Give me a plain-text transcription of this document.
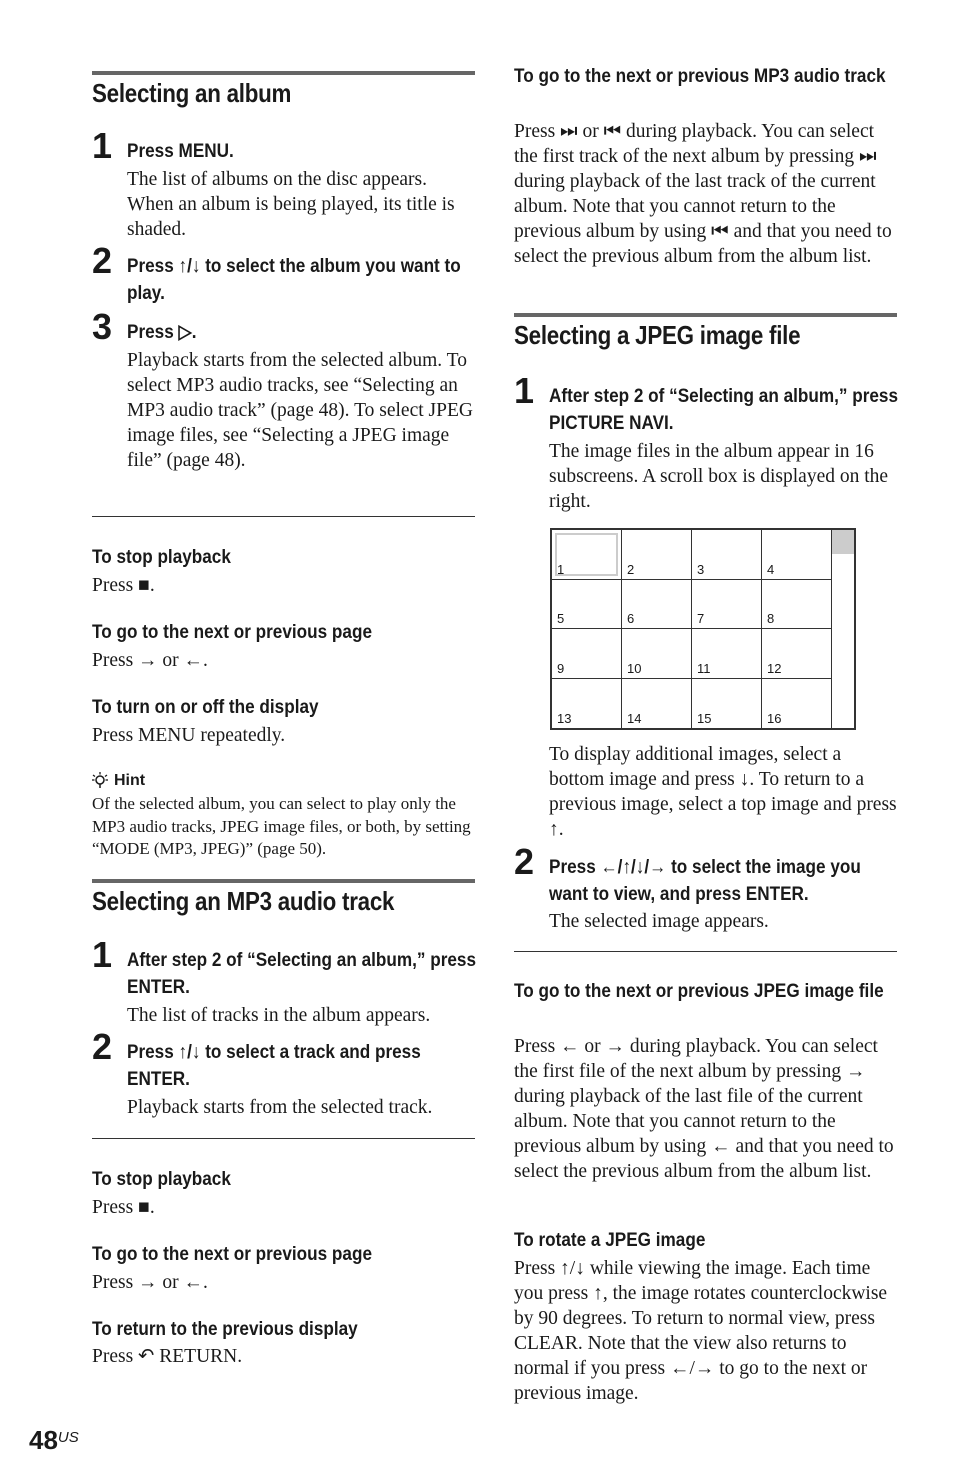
Selecting an album
1 Press MENU.
The list of albums on the disc appears. When an album is being played, its title is shaded.
2 Press ↑/↓ to select the album you want to play.
3 Press ▷.
Playback starts from the selected album. To select MP3 audio tracks, see “Selecting an MP3 audio track” (page 48). To select JPEG image files, see “Selecting a JPEG image file” (page 48).
To stop playback
Press ■.
To go to the next or previous page
Press → or ←.
To turn on or off the display
Press MENU repeatedly.
Hint
Of the selected album, you can select to play only the MP3 audio tracks, JPEG image files, or both, by setting “MODE (MP3, JPEG)” (page 50).
Selecting an MP3 audio track
1 After step 2 of “Selecting an album,” press ENTER.
The list of tracks in the album appears.
2 Press ↑/↓ to select a track and press ENTER.
Playback starts from the selected track.
To stop playback
Press ■.
To go to the next or previous page
Press → or ←.
To return to the previous display
Press ↶ RETURN.
To go to the next or previous MP3 audio track
Press ⏭ or ⏮ during playback. You can select the first track of the next album by pressing ⏭ during playback of the last track of the current album. Note that you cannot return to the previous album by using ⏮ and that you need to select the previous album from the album list.
Selecting a JPEG image file
1 After step 2 of “Selecting an album,” press PICTURE NAVI.
The image files in the album appear in 16 subscreens. A scroll box is displayed on the right.
1	2	3	4
5	6	7	8
9	10	11	12
13	14	15	16
To display additional images, select a bottom image and press ↓. To return to a previous image, select a top image and press ↑.
2 Press ←/↑/↓/→ to select the image you want to view, and press ENTER.
The selected image appears.
To go to the next or previous JPEG image file
Press ← or → during playback. You can select the first file of the next album by pressing → during playback of the last file of the current album. Note that you cannot return to the previous album by using ← and that you need to select the previous album from the album list.
To rotate a JPEG image
Press ↑/↓ while viewing the image. Each time you press ↑, the image rotates counterclockwise by 90 degrees. To return to normal view, press CLEAR. Note that the view also returns to normal if you press ←/→ to go to the next or previous image.
$48^{US}$
